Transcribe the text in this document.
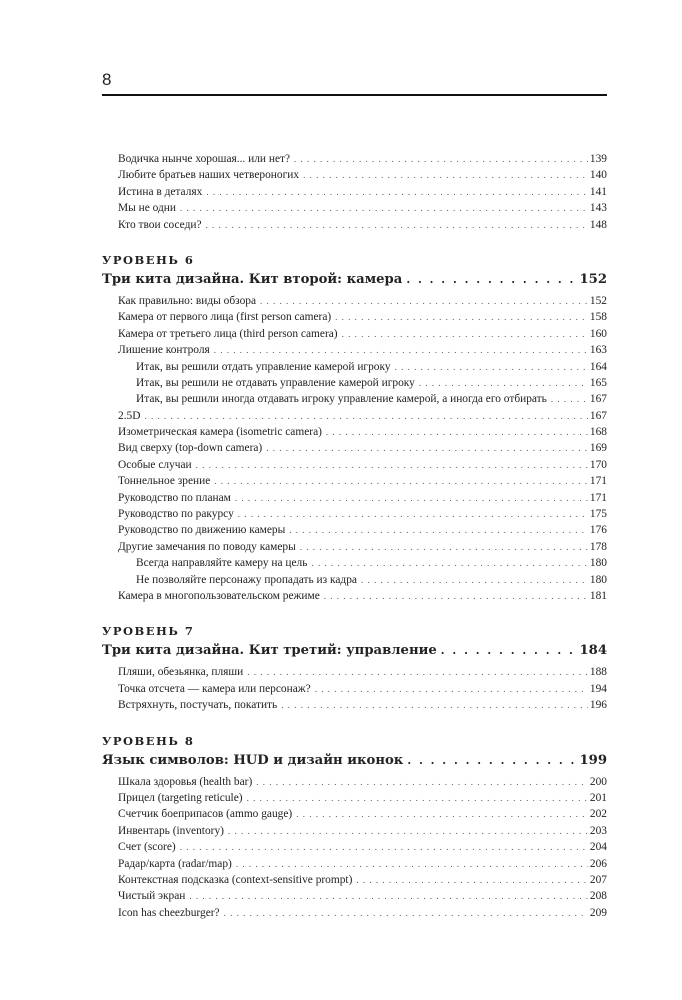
8
Водичка нынче хорошая... или нет? . . .	139
Любите братьев наших четвероногих . . .	140
Истина в деталях . . .	141
Мы не одни . . .	143
Кто твои соседи? . . .	148
УРОВЕНЬ 6
Три кита дизайна. Кит второй: камера . . .	152
Как правильно: виды обзора . . .	152
Камера от первого лица (first person camera) . . .	158
Камера от третьего лица (third person camera) . . .	160
Лишение контроля . . .	163
Итак, вы решили отдать управление камерой игроку . . .	164
Итак, вы решили не отдавать управление камерой игроку . . .	165
Итак, вы решили иногда отдавать игроку управление камерой, а иногда его отбирать . . .	167
2.5D . . .	167
Изометрическая камера (isometric camera) . . .	168
Вид сверху (top-down camera) . . .	169
Особые случаи . . .	170
Тоннельное зрение . . .	171
Руководство по планам . . .	171
Руководство по ракурсу . . .	175
Руководство по движению камеры . . .	176
Другие замечания по поводу камеры . . .	178
Всегда направляйте камеру на цель . . .	180
Не позволяйте персонажу пропадать из кадра . . .	180
Камера в многопользовательском режиме . . .	181
УРОВЕНЬ 7
Три кита дизайна. Кит третий: управление . . .	184
Пляши, обезьянка, пляши . . .	188
Точка отсчета — камера или персонаж? . . .	194
Встряхнуть, постучать, покатить . . .	196
УРОВЕНЬ 8
Язык символов: HUD и дизайн иконок . . .	199
Шкала здоровья (health bar) . . .	200
Прицел (targeting reticule) . . .	201
Счетчик боеприпасов (ammo gauge) . . .	202
Инвентарь (inventory) . . .	203
Счет (score) . . .	204
Радар/карта (radar/map) . . .	206
Контекстная подсказка (context-sensitive prompt) . . .	207
Чистый экран . . .	208
Icon has cheezburger? . . .	209
